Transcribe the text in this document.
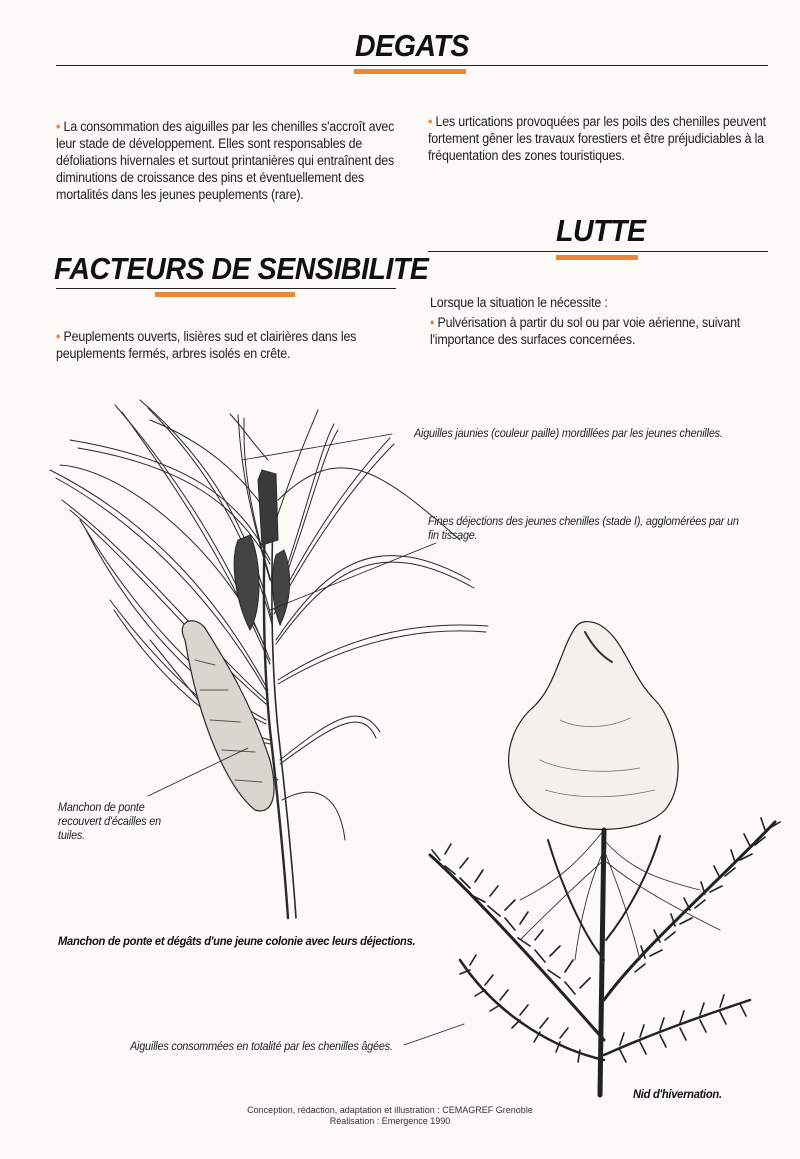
DEGATS
• La consommation des aiguilles par les chenilles s'accroît avec leur stade de développement. Elles sont responsables de défoliations hivernales et surtout printanières qui entraînent des diminutions de croissance des pins et éventuellement des mortalités dans les jeunes peuplements (rare).
• Les urtications provoquées par les poils des chenilles peuvent fortement gêner les travaux forestiers et être préjudiciables à la fréquentation des zones touristiques.
LUTTE
FACTEURS DE SENSIBILITE
Lorsque la situation le nécessite :
• Pulvérisation à partir du sol ou par voie aérienne, suivant l'importance des surfaces concernées.
• Peuplements ouverts, lisières sud et clairières dans les peuplements fermés, arbres isolés en crête.
Aiguilles jaunies (couleur paille) mordillées par les jeunes chenilles.
Fines déjections des jeunes chenilles (stade I), agglomérées par un fin tissage.
Manchon de ponte recouvert d'écailles en tuiles.
Manchon de ponte et dégâts d'une jeune colonie avec leurs déjections.
Aiguilles consommées en totalité par les chenilles âgées.
Nid d'hivernation.
Conception, rédaction, adaptation et illustration : CEMAGREF Grenoble
Réalisation : Emergence 1990
